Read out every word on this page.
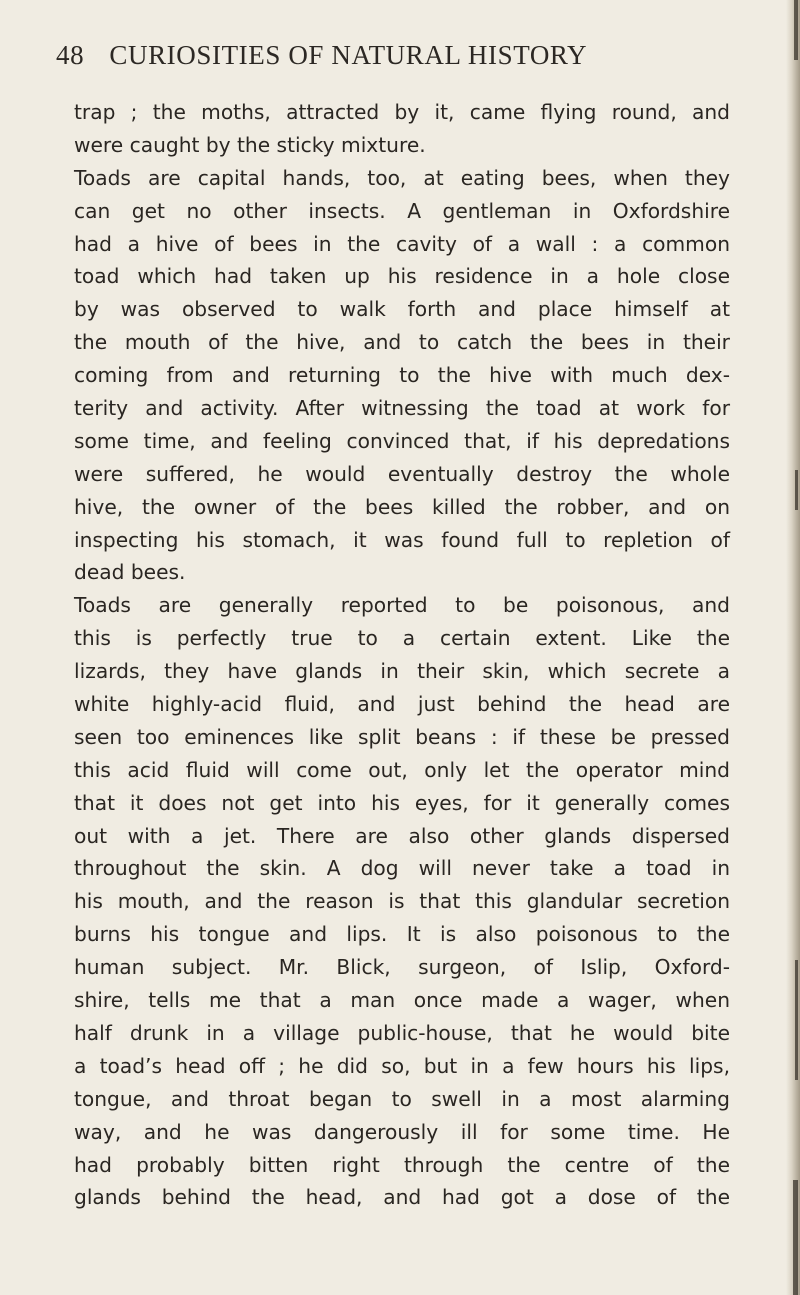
48 CURIOSITIES OF NATURAL HISTORY
trap ; the moths, attracted by it, came flying round, and
were caught by the sticky mixture.
Toads are capital hands, too, at eating bees, when they
can get no other insects. A gentleman in Oxfordshire
had a hive of bees in the cavity of a wall : a common
toad which had taken up his residence in a hole close
by was observed to walk forth and place himself at
the mouth of the hive, and to catch the bees in their
coming from and returning to the hive with much dex-
terity and activity. After witnessing the toad at work for
some time, and feeling convinced that, if his depredations
were suffered, he would eventually destroy the whole
hive, the owner of the bees killed the robber, and on
inspecting his stomach, it was found full to repletion of
dead bees.
Toads are generally reported to be poisonous, and
this is perfectly true to a certain extent. Like the
lizards, they have glands in their skin, which secrete a
white highly-acid fluid, and just behind the head are
seen too eminences like split beans : if these be pressed
this acid fluid will come out, only let the operator mind
that it does not get into his eyes, for it generally comes
out with a jet. There are also other glands dispersed
throughout the skin. A dog will never take a toad in
his mouth, and the reason is that this glandular secretion
burns his tongue and lips. It is also poisonous to the
human subject. Mr. Blick, surgeon, of Islip, Oxford-
shire, tells me that a man once made a wager, when
half drunk in a village public-house, that he would bite
a toad’s head off ; he did so, but in a few hours his lips,
tongue, and throat began to swell in a most alarming
way, and he was dangerously ill for some time. He
had probably bitten right through the centre of the
glands behind the head, and had got a dose of the
